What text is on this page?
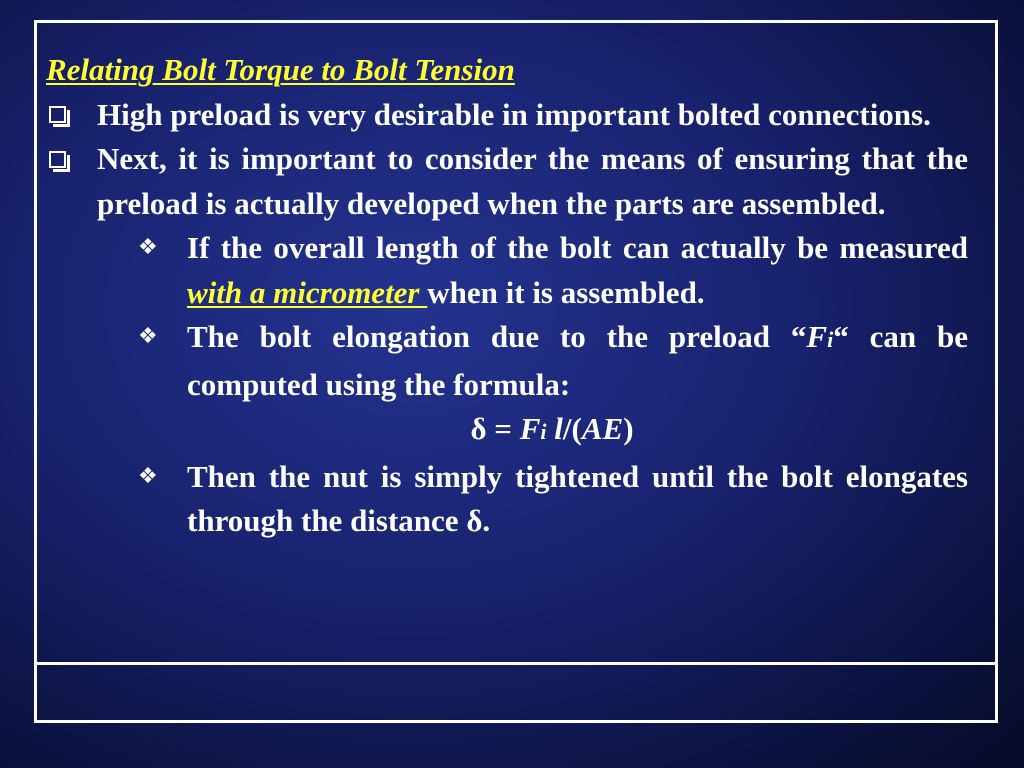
Relating Bolt Torque to Bolt Tension
High preload is very desirable in important bolted connections.
Next, it is important to consider the means of ensuring that the preload is actually developed when the parts are assembled.
❖ If the overall length of the bolt can actually be measured with a micrometer when it is assembled.
❖ The bolt elongation due to the preload “Fi“ can be computed using the formula:
δ = Fi l/(AE)
❖ Then the nut is simply tightened until the bolt elongates through the distance δ.
